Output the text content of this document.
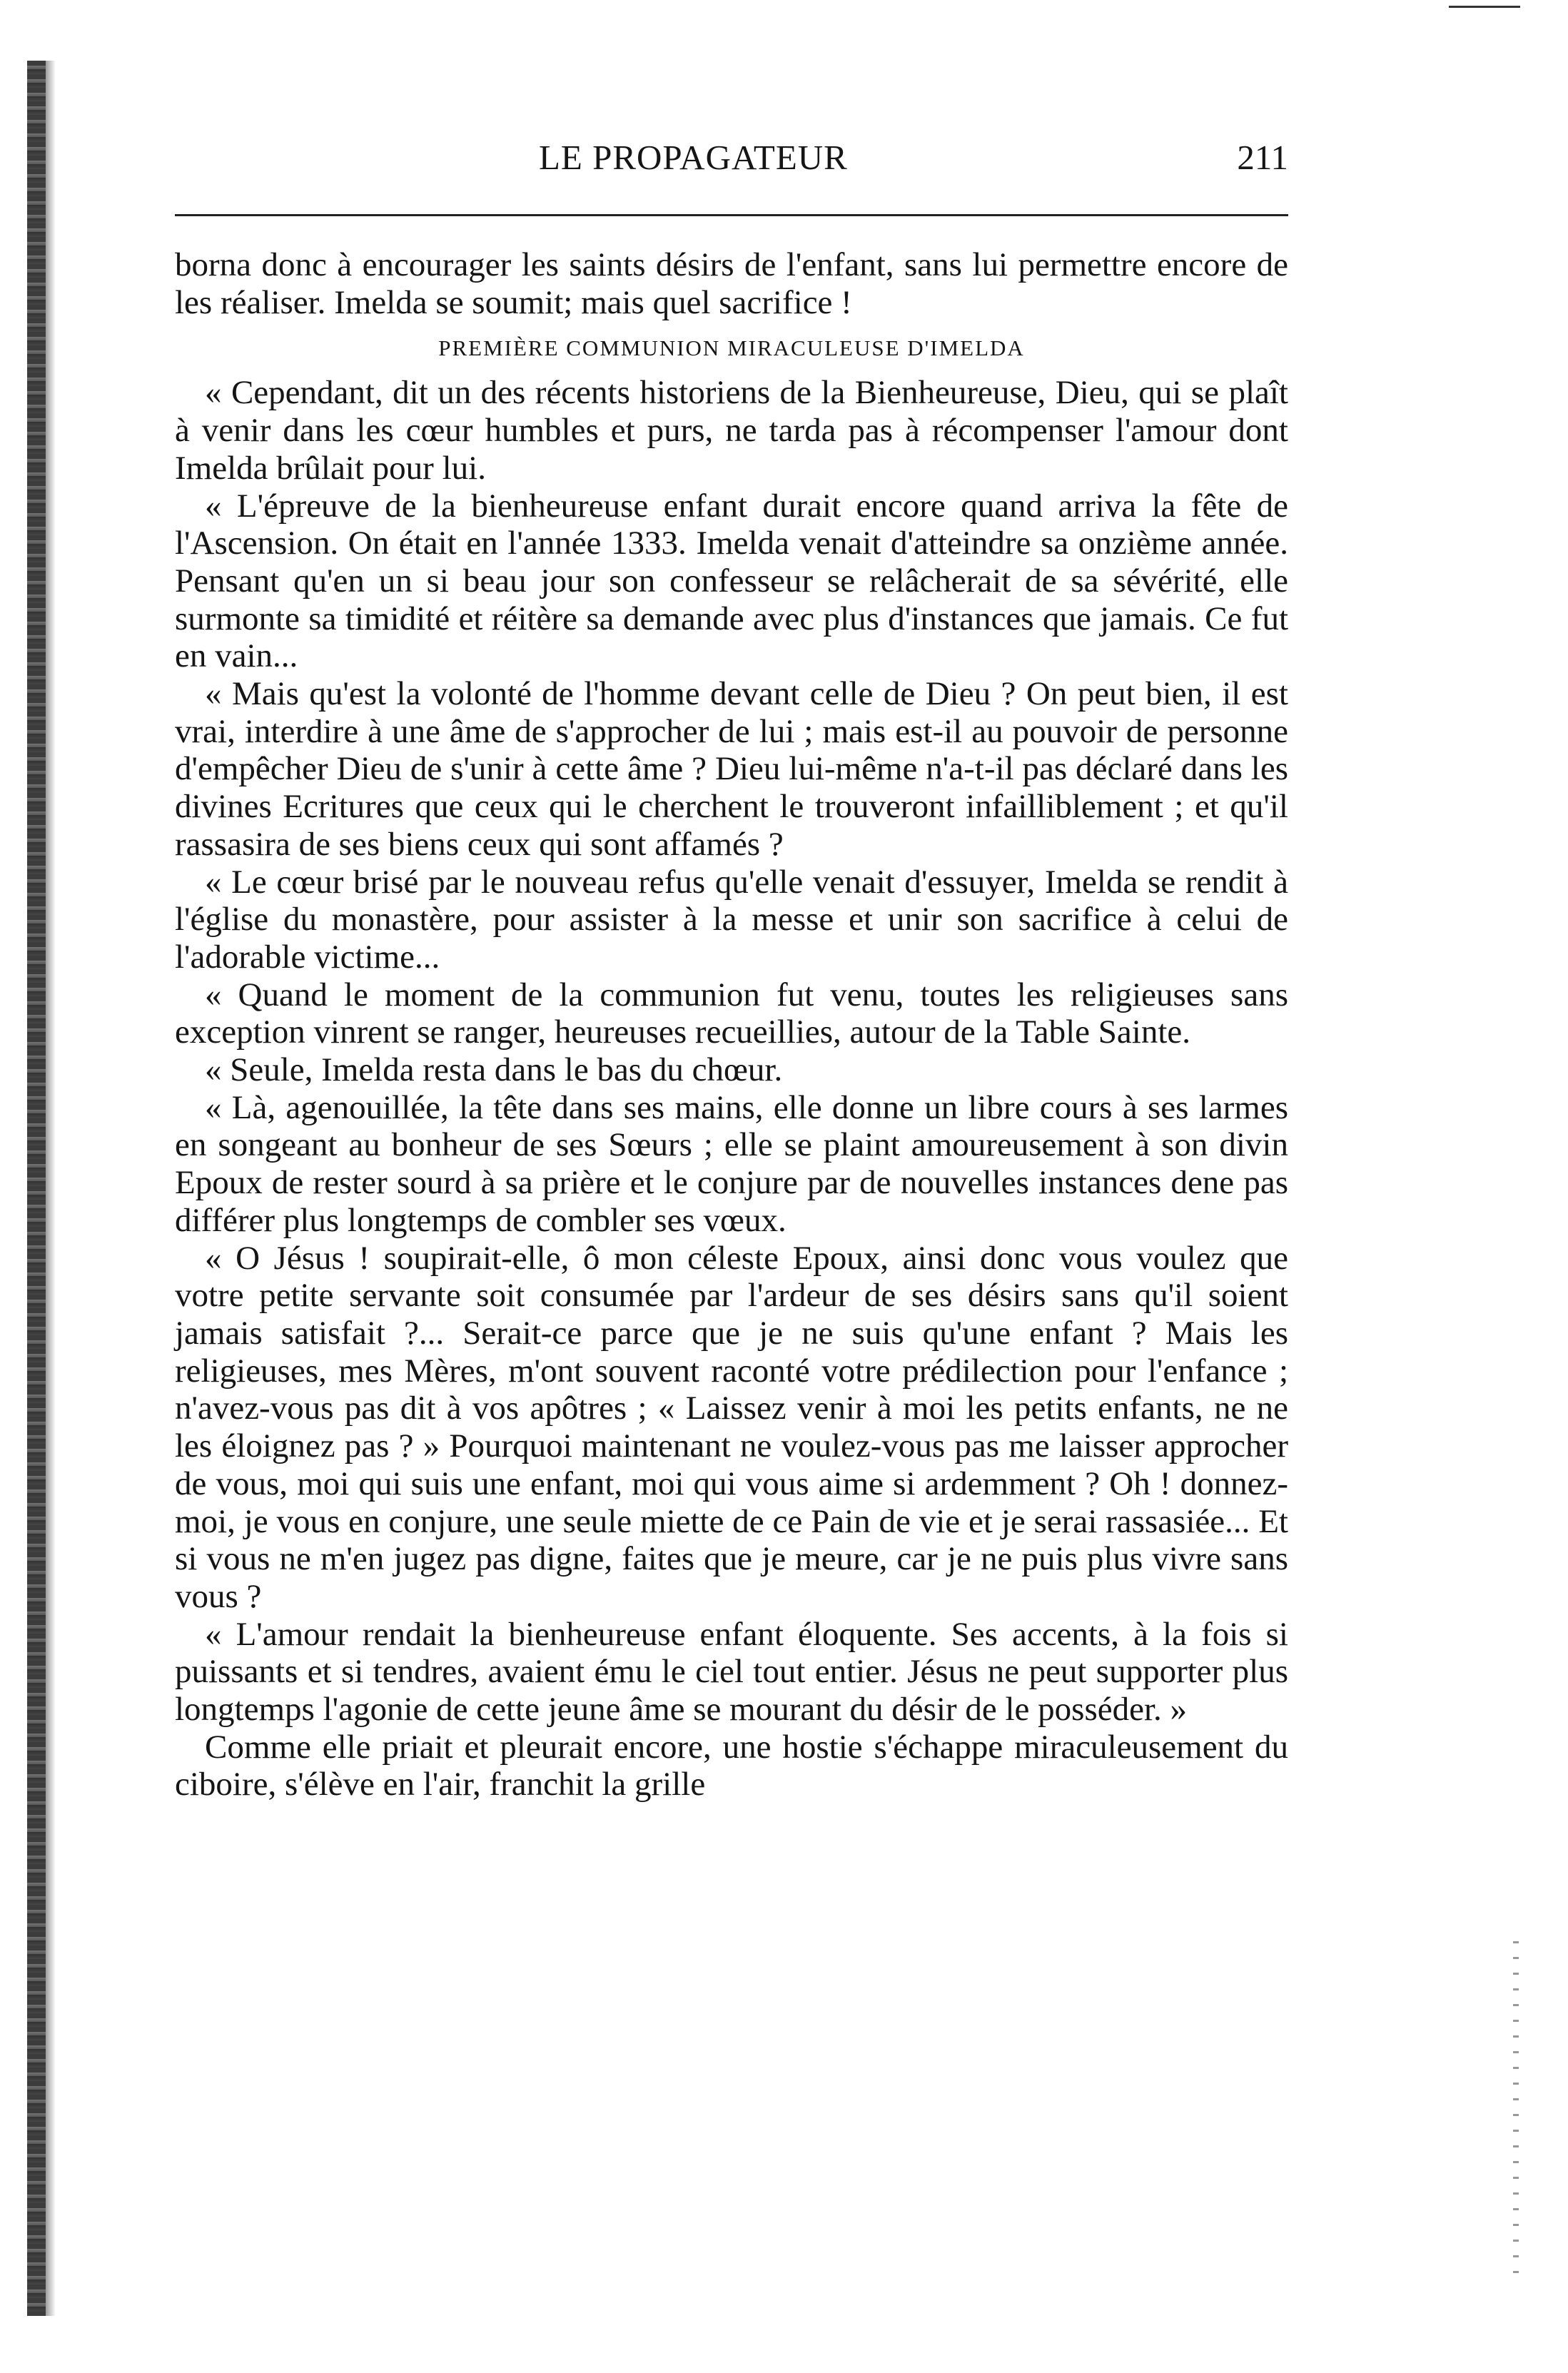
LE PROPAGATEUR	211

borna donc à encourager les saints désirs de l'enfant, sans lui permettre encore de les réaliser. Imelda se soumit; mais quel sacrifice !

PREMIÈRE COMMUNION MIRACULEUSE D'IMELDA

« Cependant, dit un des récents historiens de la Bienheureuse, Dieu, qui se plaît à venir dans les cœur humbles et purs, ne tarda pas à récompenser l'amour dont Imelda brûlait pour lui.

« L'épreuve de la bienheureuse enfant durait encore quand arriva la fête de l'Ascension. On était en l'année 1333. Imelda venait d'atteindre sa onzième année. Pensant qu'en un si beau jour son confesseur se relâcherait de sa sévérité, elle surmonte sa timidité et réitère sa demande avec plus d'instances que jamais. Ce fut en vain...

« Mais qu'est la volonté de l'homme devant celle de Dieu ? On peut bien, il est vrai, interdire à une âme de s'approcher de lui ; mais est-il au pouvoir de personne d'empêcher Dieu de s'unir à cette âme ? Dieu lui-même n'a-t-il pas déclaré dans les divines Ecritures que ceux qui le cherchent le trouveront infailliblement ; et qu'il rassasira de ses biens ceux qui sont affamés ?

« Le cœur brisé par le nouveau refus qu'elle venait d'essuyer, Imelda se rendit à l'église du monastère, pour assister à la messe et unir son sacrifice à celui de l'adorable victime...

« Quand le moment de la communion fut venu, toutes les religieuses sans exception vinrent se ranger, heureuses recueillies, autour de la Table Sainte.

« Seule, Imelda resta dans le bas du chœur.

« Là, agenouillée, la tête dans ses mains, elle donne un libre cours à ses larmes en songeant au bonheur de ses Sœurs ; elle se plaint amoureusement à son divin Epoux de rester sourd à sa prière et le conjure par de nouvelles instances dene pas différer plus longtemps de combler ses vœux.

« O Jésus ! soupirait-elle, ô mon céleste Epoux, ainsi donc vous voulez que votre petite servante soit consumée par l'ardeur de ses désirs sans qu'il soient jamais satisfait ?... Serait-ce parce que je ne suis qu'une enfant ? Mais les religieuses, mes Mères, m'ont souvent raconté votre prédilection pour l'enfance ; n'avez-vous pas dit à vos apôtres ; « Laissez venir à moi les petits enfants, ne ne les éloignez pas ? » Pourquoi maintenant ne voulez-vous pas me laisser approcher de vous, moi qui suis une enfant, moi qui vous aime si ardemment ? Oh ! donnez-moi, je vous en conjure, une seule miette de ce Pain de vie et je serai rassasiée... Et si vous ne m'en jugez pas digne, faites que je meure, car je ne puis plus vivre sans vous ?

« L'amour rendait la bienheureuse enfant éloquente. Ses accents, à la fois si puissants et si tendres, avaient ému le ciel tout entier. Jésus ne peut supporter plus longtemps l'agonie de cette jeune âme se mourant du désir de le posséder. »

Comme elle priait et pleurait encore, une hostie s'échappe miraculeusement du ciboire, s'élève en l'air, franchit la grille
